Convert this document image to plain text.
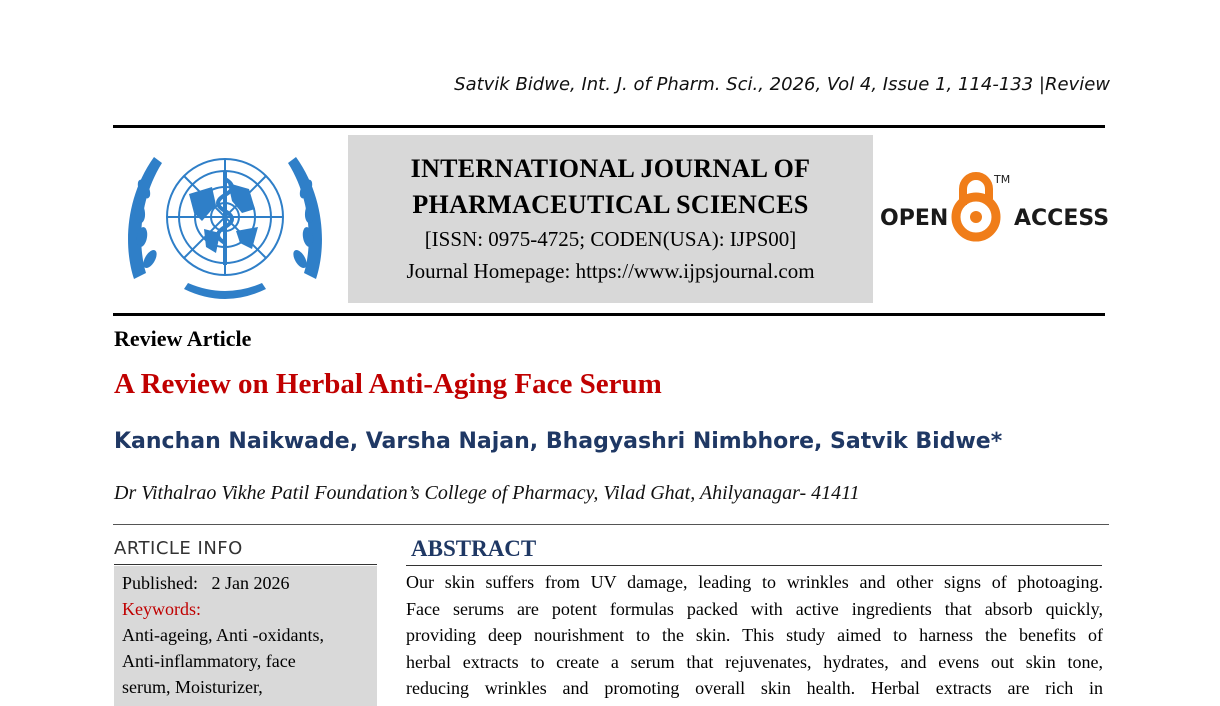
Satvik Bidwe, Int. J. of Pharm. Sci., 2026, Vol 4, Issue 1, 114-133 |Review
INTERNATIONAL JOURNAL OF
PHARMACEUTICAL SCIENCES
[ISSN: 0975-4725; CODEN(USA): IJPS00]
Journal Homepage: https://www.ijpsjournal.com
OPEN
TM
ACCESS
Review Article
A Review on Herbal Anti-Aging Face Serum
Kanchan Naikwade, Varsha Najan, Bhagyashri Nimbhore, Satvik Bidwe*
Dr Vithalrao Vikhe Patil Foundation’s College of Pharmacy, Vilad Ghat, Ahilyanagar- 41411
ARTICLE INFO
Published:   2 Jan 2026
Keywords:
Anti-ageing, Anti -oxidants,
Anti-inflammatory, face
serum, Moisturizer,
ABSTRACT
Our skin suffers from UV damage, leading to wrinkles and other signs of photoaging.
Face serums are potent formulas packed with active ingredients that absorb quickly,
providing deep nourishment to the skin. This study aimed to harness the benefits of
herbal extracts to create a serum that rejuvenates, hydrates, and evens out skin tone,
reducing wrinkles and promoting overall skin health. Herbal extracts are rich in
